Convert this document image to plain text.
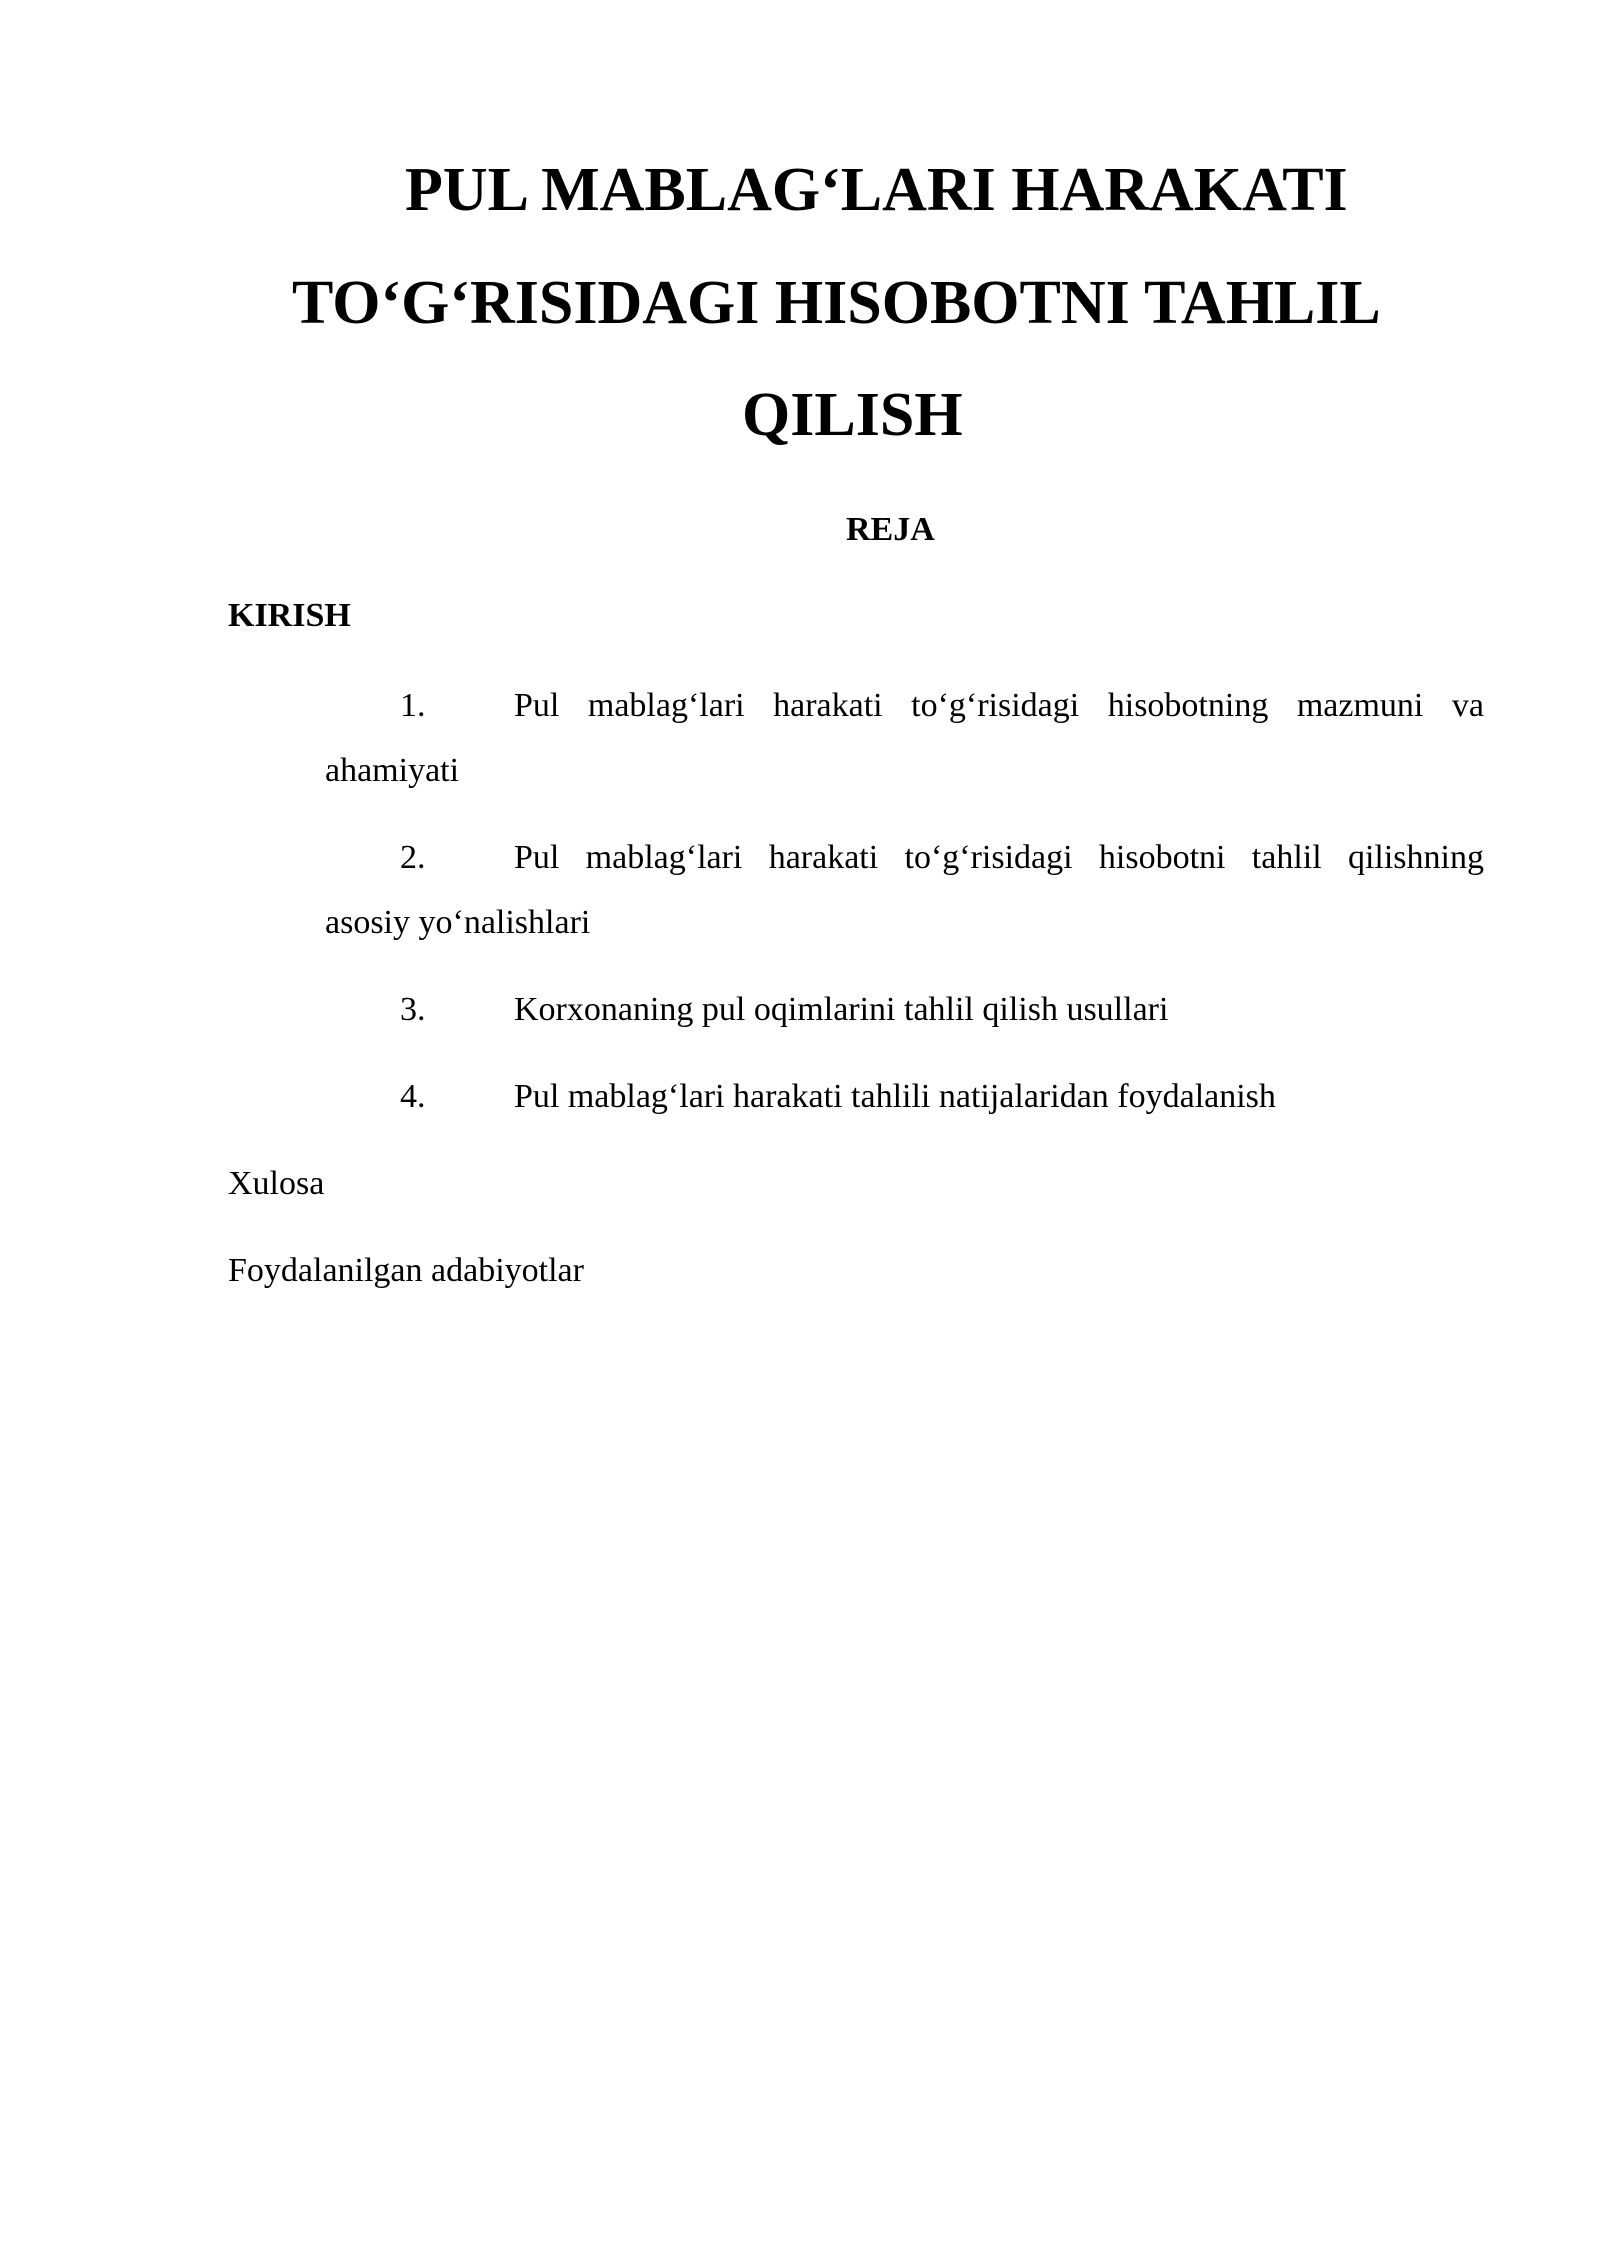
PUL MABLAG‘LARI HARAKATI
TO‘G‘RISIDAGI HISOBOTNI TAHLIL
QILISH
REJA
KIRISH
1.	Pul mablag‘lari harakati to‘g‘risidagi hisobotning mazmuni va
ahamiyati
2.	Pul mablag‘lari harakati to‘g‘risidagi hisobotni tahlil qilishning
asosiy yo‘nalishlari
3.	Korxonaning pul oqimlarini tahlil qilish usullari
4.	Pul mablag‘lari harakati tahlili natijalaridan foydalanish
Xulosa
Foydalanilgan adabiyotlar
